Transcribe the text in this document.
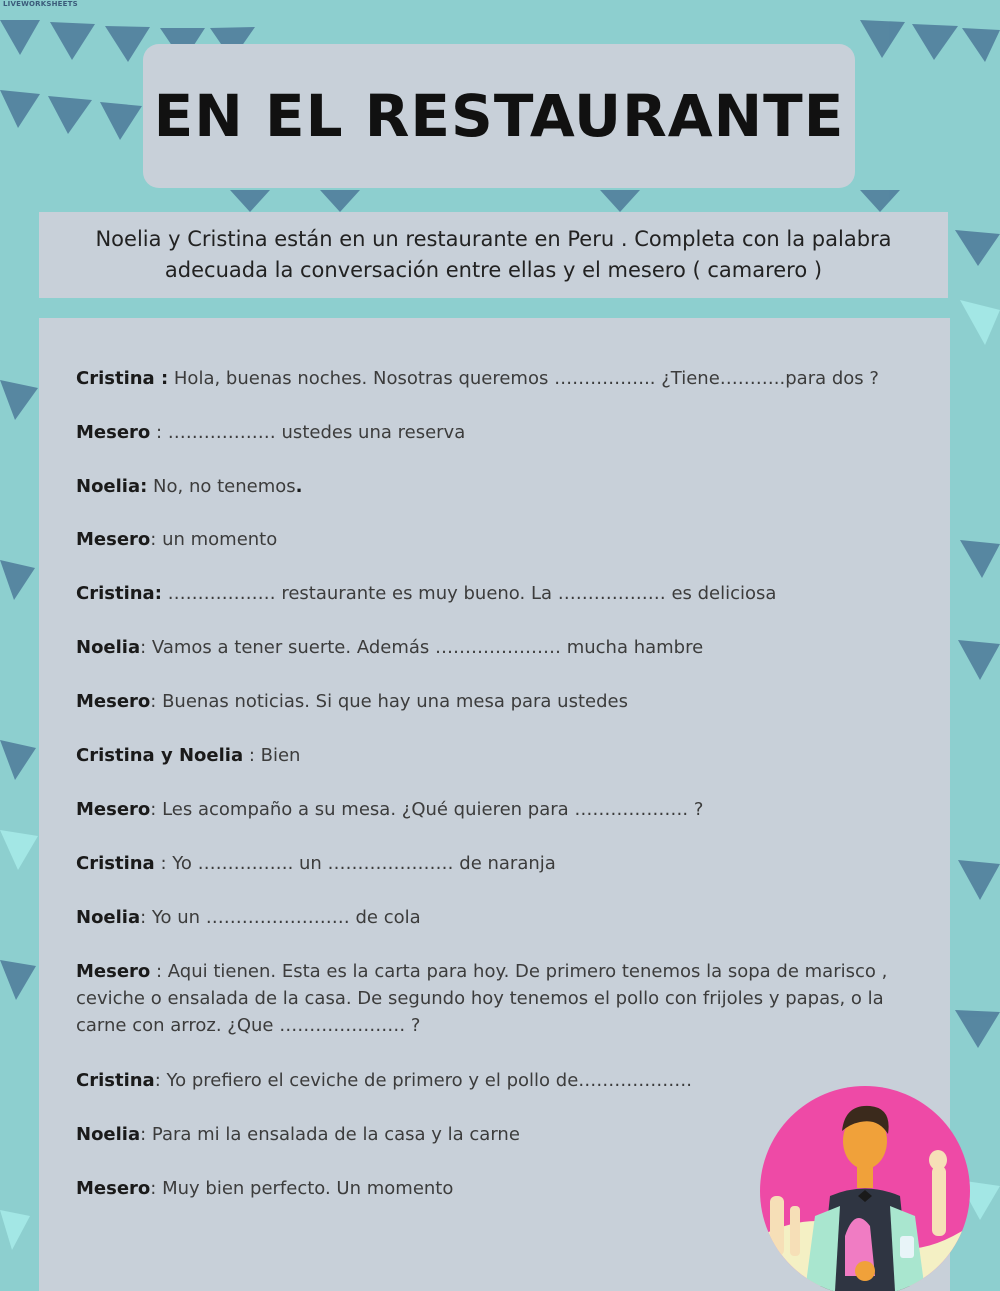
LIVEWORKSHEETS
EN EL RESTAURANTE

Noelia y Cristina están en un restaurante en Peru . Completa con la palabra
adecuada la conversación entre ellas y el mesero ( camarero )

Cristina : Hola, buenas noches. Nosotras queremos …………….. ¿Tiene………..para dos ?
Mesero : ……………… ustedes una reserva
Noelia: No, no tenemos.
Mesero: un momento
Cristina: ……………… restaurante es muy bueno. La ……………… es deliciosa
Noelia: Vamos a tener suerte. Además ………………… mucha hambre
Mesero: Buenas noticias. Si que hay una mesa para ustedes
Cristina y Noelia : Bien
Mesero: Les acompaño a su mesa. ¿Qué quieren para ………………. ?
Cristina : Yo ……………. un ………………… de naranja
Noelia: Yo un …………………… de cola
Mesero : Aqui tienen. Esta es la carta para hoy. De primero tenemos la sopa de marisco , ceviche o ensalada de la casa. De segundo hoy tenemos el pollo con frijoles y papas, o la carne con arroz. ¿Que ………………… ?
Cristina: Yo prefiero el ceviche de primero y el pollo de……………….
Noelia: Para mi la ensalada de la casa y la carne
Mesero: Muy bien perfecto. Un momento
